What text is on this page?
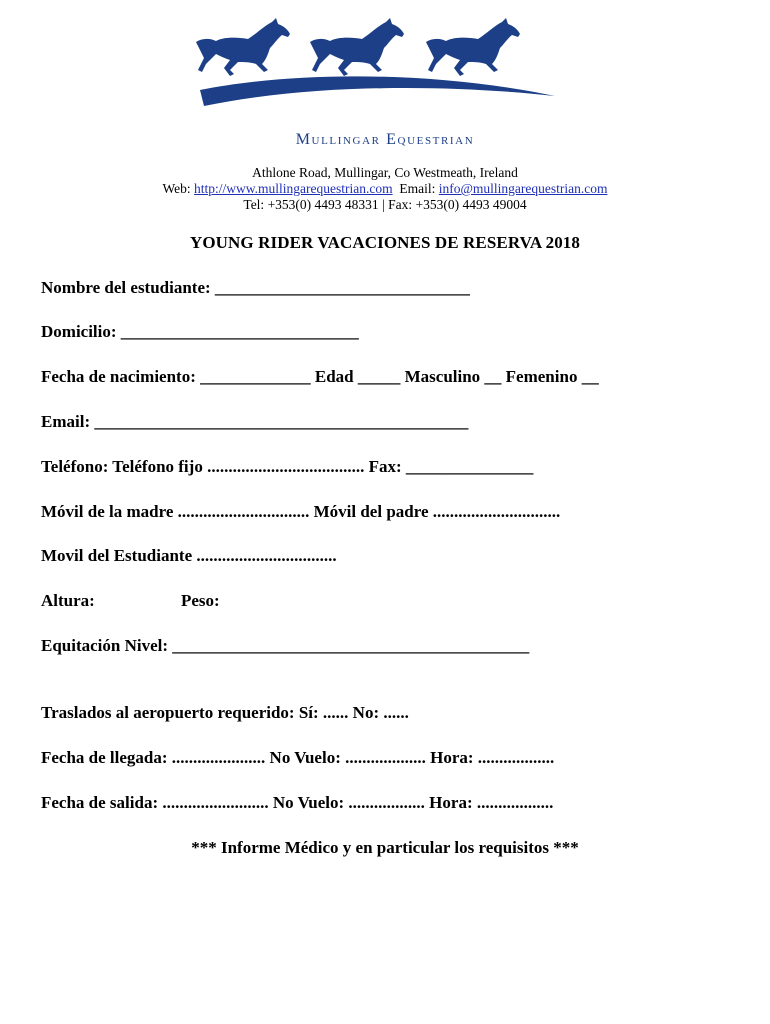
Mullingar Equestrian
Athlone Road, Mullingar, Co Westmeath, Ireland
Web: http://www.mullingarequestrian.com Email: info@mullingarequestrian.com
Tel: +353(0) 4493 48331 | Fax: +353(0) 4493 49004
YOUNG RIDER VACACIONES DE RESERVA 2018
Nombre del estudiante: ______________________________
Domicilio: ____________________________
Fecha de nacimiento: _____________ Edad _____ Masculino __ Femenino __
Email: ____________________________________________
Teléfono: Teléfono fijo ..................................... Fax: _______________
Móvil de la madre ............................... Móvil del padre ..............................
Movil del Estudiante .................................
Altura:	Peso:
Equitación Nivel: __________________________________________
Traslados al aeropuerto requerido: Sí: ...... No: ......
Fecha de llegada: ...................... No Vuelo: ................... Hora: ..................
Fecha de salida: ......................... No Vuelo: .................. Hora: ..................
*** Informe Médico y en particular los requisitos ***
